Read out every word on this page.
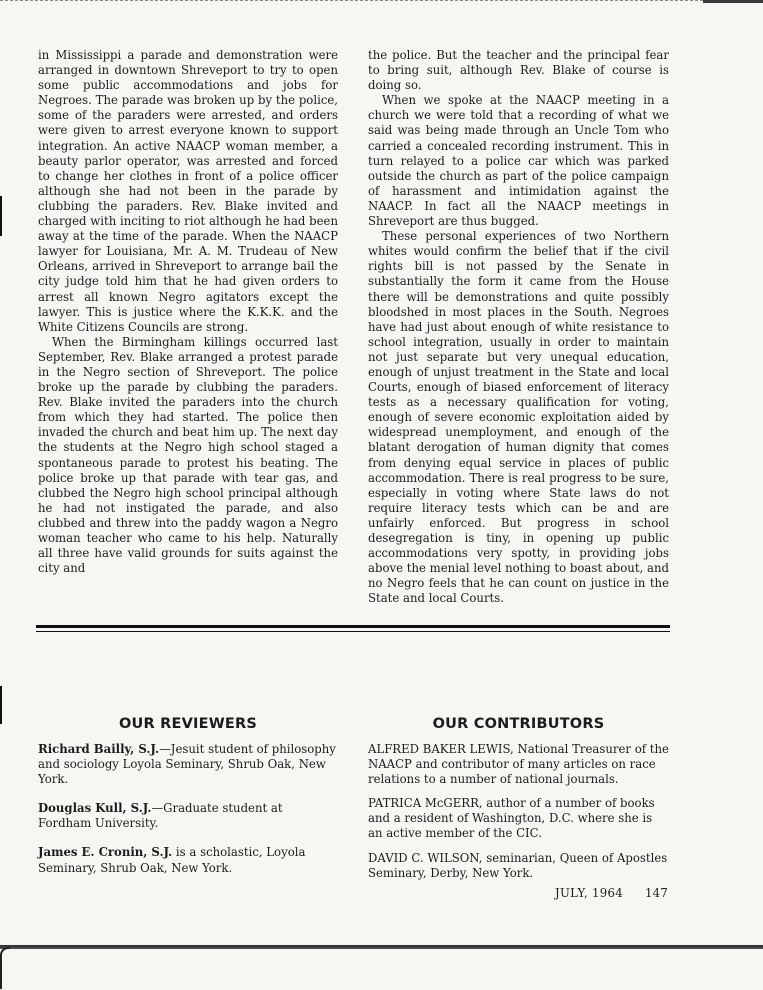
in Mississippi a parade and demonstration were arranged in downtown Shreveport to try to open some public accommodations and jobs for Negroes. The parade was broken up by the police, some of the paraders were arrested, and orders were given to arrest everyone known to support integration. An active NAACP woman member, a beauty parlor operator, was arrested and forced to change her clothes in front of a police officer although she had not been in the parade by clubbing the paraders. Rev. Blake invited and charged with inciting to riot although he had been away at the time of the parade. When the NAACP lawyer for Louisiana, Mr. A. M. Trudeau of New Orleans, arrived in Shreveport to arrange bail the city judge told him that he had given orders to arrest all known Negro agitators except the lawyer. This is justice where the K.K.K. and the White Citizens Councils are strong.

When the Birmingham killings occurred last September, Rev. Blake arranged a protest parade in the Negro section of Shreveport. The police broke up the parade by clubbing the paraders. Rev. Blake invited the paraders into the church from which they had started. The police then invaded the church and beat him up. The next day the students at the Negro high school staged a spontaneous parade to protest his beating. The police broke up that parade with tear gas, and clubbed the Negro high school principal although he had not instigated the parade, and also clubbed and threw into the paddy wagon a Negro woman teacher who came to his help. Naturally all three have valid grounds for suits against the city and

the police. But the teacher and the principal fear to bring suit, although Rev. Blake of course is doing so.

When we spoke at the NAACP meeting in a church we were told that a recording of what we said was being made through an Uncle Tom who carried a concealed recording instrument. This in turn relayed to a police car which was parked outside the church as part of the police campaign of harassment and intimidation against the NAACP. In fact all the NAACP meetings in Shreveport are thus bugged.

These personal experiences of two Northern whites would confirm the belief that if the civil rights bill is not passed by the Senate in substantially the form it came from the House there will be demonstrations and quite possibly bloodshed in most places in the South. Negroes have had just about enough of white resistance to school integration, usually in order to maintain not just separate but very unequal education, enough of unjust treatment in the State and local Courts, enough of biased enforcement of literacy tests as a necessary qualification for voting, enough of severe economic exploitation aided by widespread unemployment, and enough of the blatant derogation of human dignity that comes from denying equal service in places of public accommodation. There is real progress to be sure, especially in voting where State laws do not require literacy tests which can be and are unfairly enforced. But progress in school desegregation is tiny, in opening up public accommodations very spotty, in providing jobs above the menial level nothing to boast about, and no Negro feels that he can count on justice in the State and local Courts.

OUR REVIEWERS	OUR CONTRIBUTORS

Richard Bailly, S.J.—Jesuit student of philosophy and sociology Loyola Seminary, Shrub Oak, New York.

Douglas Kull, S.J.—Graduate student at Fordham University.

James E. Cronin, S.J. is a scholastic, Loyola Seminary, Shrub Oak, New York.

ALFRED BAKER LEWIS, National Treasurer of the NAACP and contributor of many articles on race relations to a number of national journals.

PATRICA McGERR, author of a number of books and a resident of Washington, D.C. where she is an active member of the CIC.

DAVID C. WILSON, seminarian, Queen of Apostles Seminary, Derby, New York.

JULY, 1964 147
